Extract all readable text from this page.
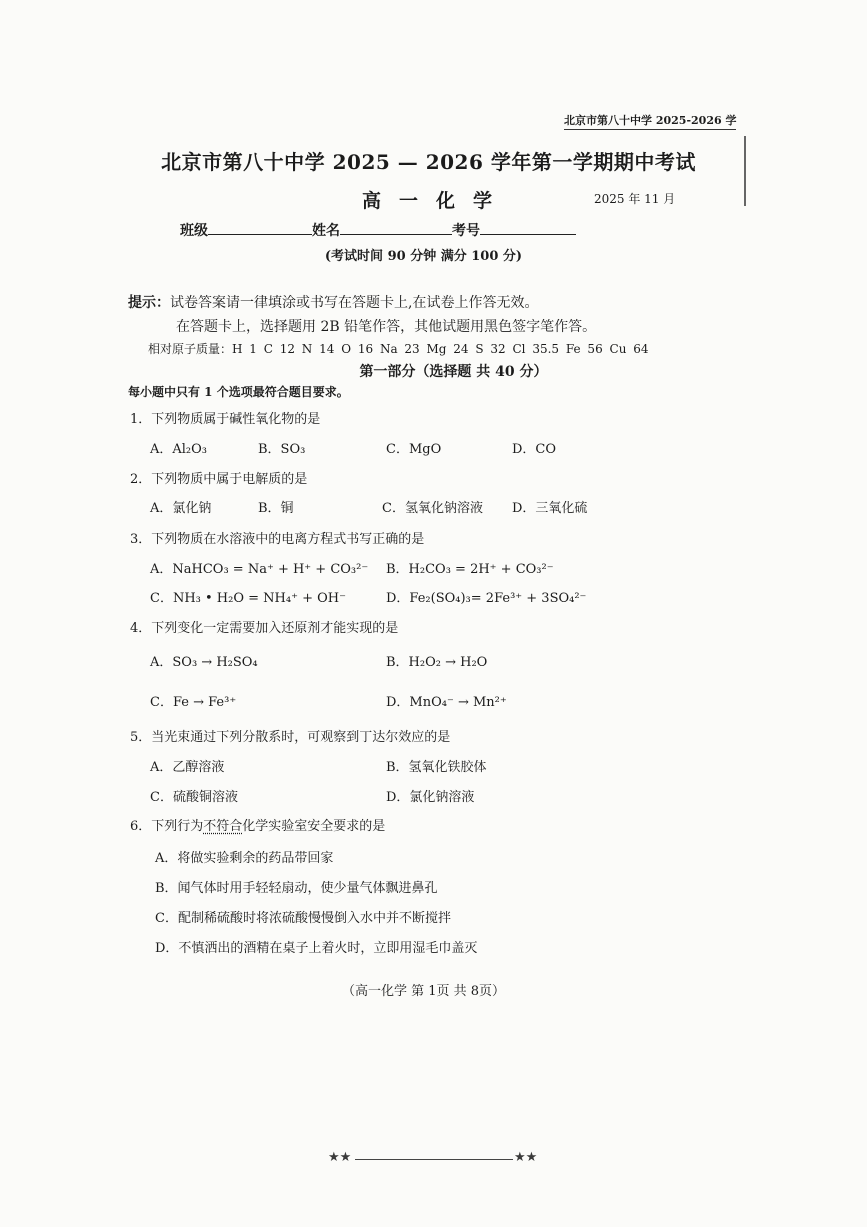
北京市第八十中学 2025-2026 学
北京市第八十中学 2025 — 2026 学年第一学期期中考试
高一化学	2025 年 11 月
班级	姓名	考号
(考试时间 90 分钟 满分 100 分)
提示：试卷答案请一律填涂或书写在答题卡上,在试卷上作答无效。
在答题卡上，选择题用 2B 铅笔作答，其他试题用黑色签字笔作答。
相对原子质量：H 1 C 12 N 14 O 16 Na 23 Mg 24 S 32 Cl 35.5 Fe 56 Cu 64
第一部分（选择题 共 40 分）
每小题中只有 1 个选项最符合题目要求。
1．下列物质属于碱性氧化物的是
A．Al₂O₃	B．SO₃	C．MgO	D．CO
2．下列物质中属于电解质的是
A．氯化钠	B．铜	C．氢氧化钠溶液 D．三氧化硫
3．下列物质在水溶液中的电离方程式书写正确的是
A．NaHCO₃ = Na⁺ + H⁺ + CO₃²⁻ B．H₂CO₃ = 2H⁺ + CO₃²⁻
C．NH₃ • H₂O = NH₄⁺ + OH⁻	D．Fe₂(SO₄)₃= 2Fe³⁺ + 3SO₄²⁻
4．下列变化一定需要加入还原剂才能实现的是
A．SO₃ → H₂SO₄	B．H₂O₂ → H₂O
C．Fe → Fe³⁺	D．MnO₄⁻ → Mn²⁺
5．当光束通过下列分散系时，可观察到丁达尔效应的是
A．乙醇溶液	B．氢氧化铁胶体
C．硫酸铜溶液	D．氯化钠溶液
6．下列行为不符合化学实验室安全要求的是
A．将做实验剩余的药品带回家
B．闻气体时用手轻轻扇动，使少量气体飘进鼻孔
C．配制稀硫酸时将浓硫酸慢慢倒入水中并不断搅拌
D．不慎洒出的酒精在桌子上着火时，立即用湿毛巾盖灭
（高一化学 第 1页 共 8页）
★★	★★
